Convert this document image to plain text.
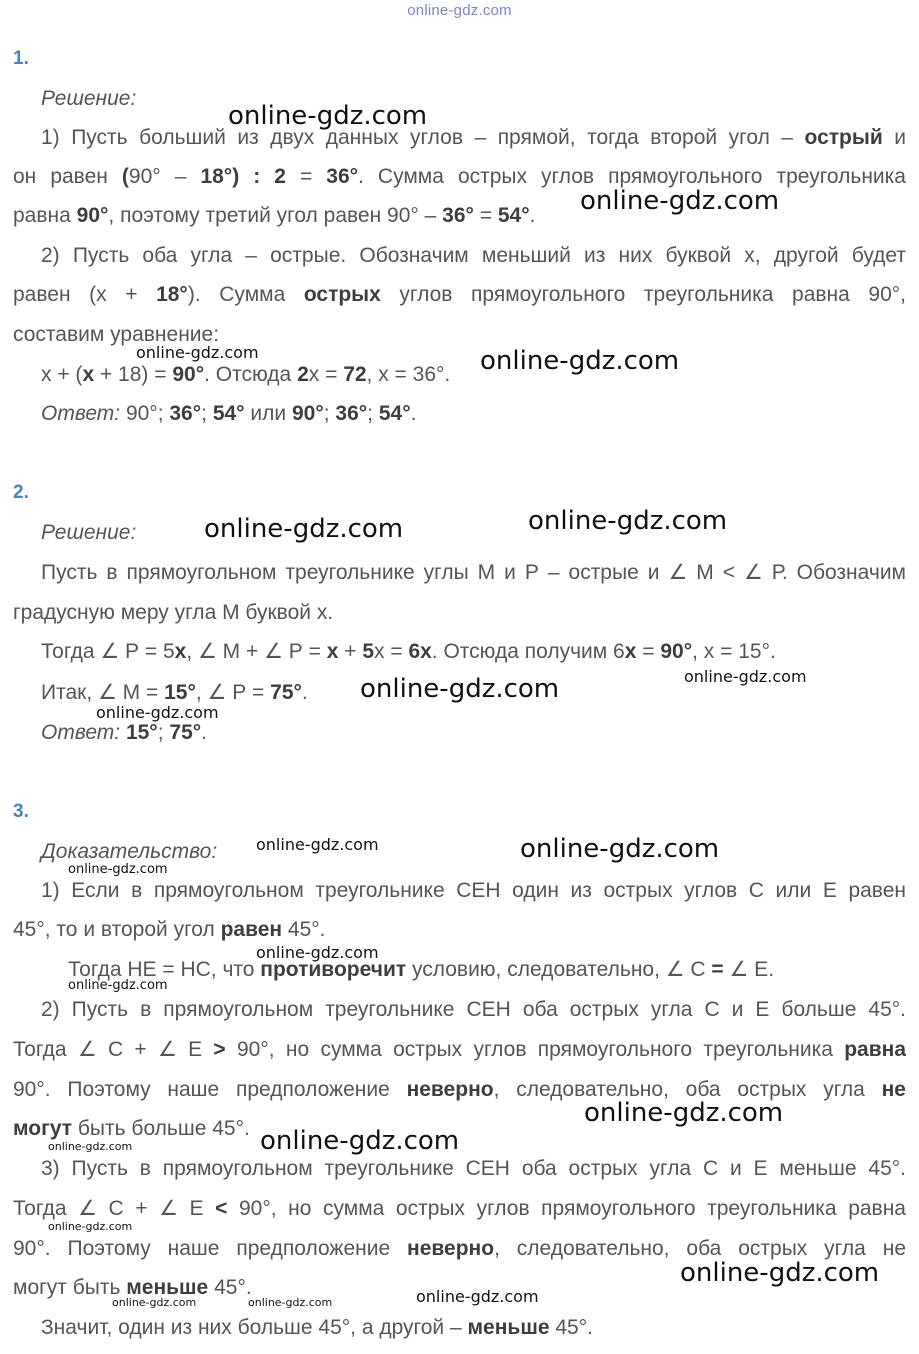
online-gdz.com
1.
Решение:
1) Пусть больший из двух данных углов – прямой, тогда второй угол – острый и
он равен (90° – 18°) : 2 = 36°. Сумма острых углов прямоугольного треугольника
равна 90°, поэтому третий угол равен 90° – 36° = 54°.
2) Пусть оба угла – острые. Обозначим меньший из них буквой х, другой будет
равен (х + 18°). Сумма острых углов прямоугольного треугольника равна 90°,
составим уравнение:
х + (х + 18) = 90°. Отсюда 2х = 72, х = 36°.
Ответ: 90°; 36°; 54° или 90°; 36°; 54°.
2.
Решение:
Пусть в прямоугольном треугольнике углы М и Р – острые и ∠ М < ∠ Р. Обозначим
градусную меру угла М буквой х.
Тогда ∠ Р = 5х, ∠ М + ∠ Р = х + 5х = 6х. Отсюда получим 6х = 90°, х = 15°.
Итак, ∠ М = 15°, ∠ Р = 75°.
Ответ: 15°; 75°.
3.
Доказательство:
1) Если в прямоугольном треугольнике СЕН один из острых углов С или Е равен
45°, то и второй угол равен 45°.
Тогда НЕ = НС, что противоречит условию, следовательно, ∠ С = ∠ Е.
2) Пусть в прямоугольном треугольнике СЕН оба острых угла С и Е больше 45°.
Тогда ∠ С + ∠ Е > 90°, но сумма острых углов прямоугольного треугольника равна
90°. Поэтому наше предположение неверно, следовательно, оба острых угла не
могут быть больше 45°.
3) Пусть в прямоугольном треугольнике СЕН оба острых угла С и Е меньше 45°.
Тогда ∠ С + ∠ Е < 90°, но сумма острых углов прямоугольного треугольника равна
90°. Поэтому наше предположение неверно, следовательно, оба острых угла не
могут быть меньше 45°.
Значит, один из них больше 45°, а другой – меньше 45°.
online-gdz.com
online-gdz.com
online-gdz.com	online-gdz.com
online-gdz.com	online-gdz.com
online-gdz.com
online-gdz.com
online-gdz.com
online-gdz.com	online-gdz.com
online-gdz.com
online-gdz.com
online-gdz.com
online-gdz.com
online-gdz.com
online-gdz.com
online-gdz.com
online-gdz.com
online-gdz.com	online-gdz.com	online-gdz.com
